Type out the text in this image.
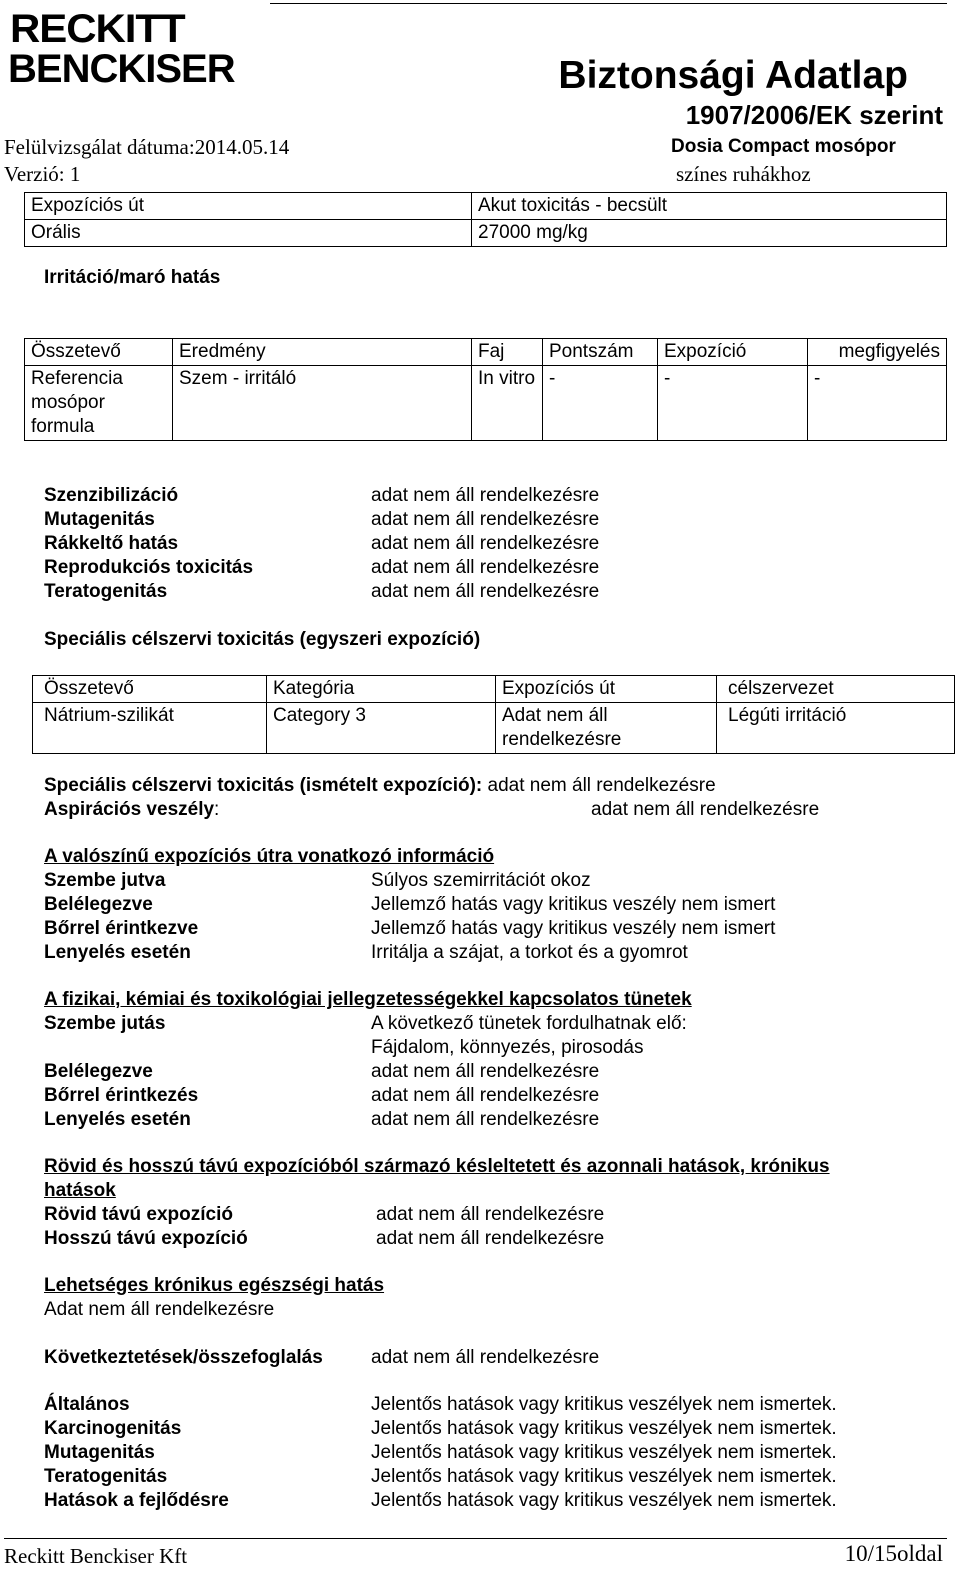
RECKITT
BENCKISER	Biztonsági Adatlap
1907/2006/EK szerint
Felülvizsgálat dátuma:2014.05.14	Dosia Compact mosópor
Verzió: 1	színes ruhákhoz
Expozíciós út	Akut toxicitás - becsült
Orális	27000 mg/kg
Irritáció/maró hatás
Összetevő	Eredmény	Faj	Pontszám	Expozíció	megfigyelés
Referencia mosópor formula	Szem - irritáló	In vitro	-	-	-
Szenzibilizáció	adat nem áll rendelkezésre
Mutagenitás	adat nem áll rendelkezésre
Rákkeltő hatás	adat nem áll rendelkezésre
Reprodukciós toxicitás	adat nem áll rendelkezésre
Teratogenitás	adat nem áll rendelkezésre
Speciális célszervi toxicitás (egyszeri expozíció)
Összetevő	Kategória	Expozíciós út	célszervezet
Nátrium-szilikát	Category 3	Adat nem áll rendelkezésre	Légúti irritáció
Speciális célszervi toxicitás (ismételt expozíció): adat nem áll rendelkezésre
Aspirációs veszély:	adat nem áll rendelkezésre
A valószínű expozíciós útra vonatkozó információ
Szembe jutva	Súlyos szemirritációt okoz
Belélegezve	Jellemző hatás vagy kritikus veszély nem ismert
Bőrrel érintkezve	Jellemző hatás vagy kritikus veszély nem ismert
Lenyelés esetén	Irritálja a szájat, a torkot és a gyomrot
A fizikai, kémiai és toxikológiai jellegzetességekkel kapcsolatos tünetek
Szembe jutás	A következő tünetek fordulhatnak elő:
Fájdalom, könnyezés, pirosodás
Belélegezve	adat nem áll rendelkezésre
Bőrrel érintkezés	adat nem áll rendelkezésre
Lenyelés esetén	adat nem áll rendelkezésre
Rövid és hosszú távú expozícióból származó késleltetett és azonnali hatások, krónikus
hatások
Rövid távú expozíció	adat nem áll rendelkezésre
Hosszú távú expozíció	adat nem áll rendelkezésre
Lehetséges krónikus egészségi hatás
Adat nem áll rendelkezésre
Következtetések/összefoglalás	adat nem áll rendelkezésre
Általános	Jelentős hatások vagy kritikus veszélyek nem ismertek.
Karcinogenitás	Jelentős hatások vagy kritikus veszélyek nem ismertek.
Mutagenitás	Jelentős hatások vagy kritikus veszélyek nem ismertek.
Teratogenitás	Jelentős hatások vagy kritikus veszélyek nem ismertek.
Hatások a fejlődésre	Jelentős hatások vagy kritikus veszélyek nem ismertek.
Reckitt Benckiser Kft	10/15oldal
